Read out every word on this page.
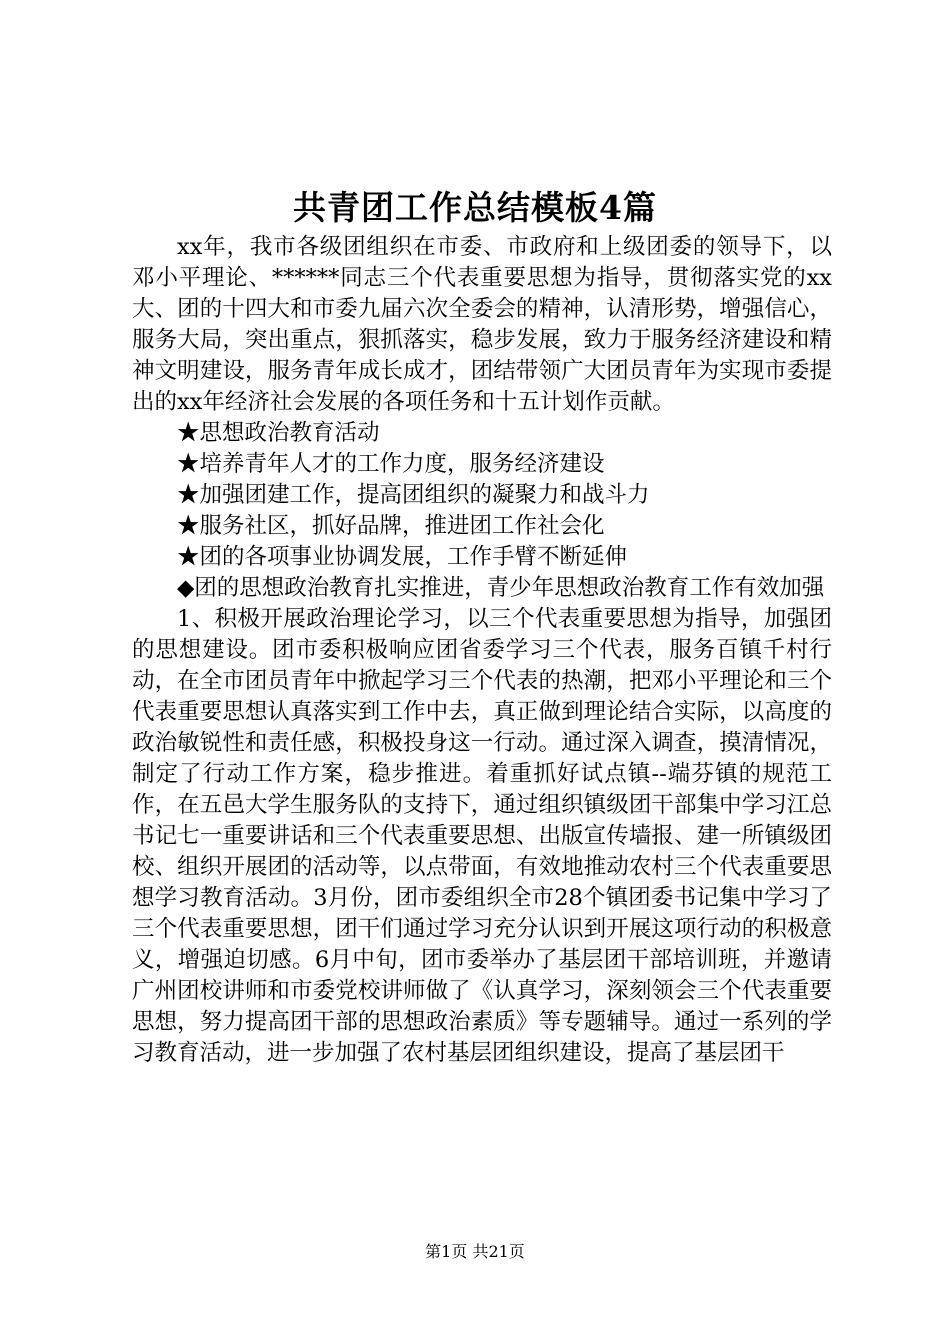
共青团工作总结模板4篇

xx年，我市各级团组织在市委、市政府和上级团委的领导下，以邓小平理论、******同志三个代表重要思想为指导，贯彻落实党的xx大、团的十四大和市委九届六次全委会的精神，认清形势，增强信心，服务大局，突出重点，狠抓落实，稳步发展，致力于服务经济建设和精神文明建设，服务青年成长成才，团结带领广大团员青年为实现市委提出的xx年经济社会发展的各项任务和十五计划作贡献。

★思想政治教育活动

★培养青年人才的工作力度，服务经济建设

★加强团建工作，提高团组织的凝聚力和战斗力

★服务社区，抓好品牌，推进团工作社会化

★团的各项事业协调发展，工作手臂不断延伸

◆团的思想政治教育扎实推进，青少年思想政治教育工作有效加强

1、积极开展政治理论学习，以三个代表重要思想为指导，加强团的思想建设。团市委积极响应团省委学习三个代表，服务百镇千村行动，在全市团员青年中掀起学习三个代表的热潮，把邓小平理论和三个代表重要思想认真落实到工作中去，真正做到理论结合实际，以高度的政治敏锐性和责任感，积极投身这一行动。通过深入调查，摸清情况，制定了行动工作方案，稳步推进。着重抓好试点镇--端芬镇的规范工作，在五邑大学生服务队的支持下，通过组织镇级团干部集中学习江总书记七一重要讲话和三个代表重要思想、出版宣传墙报、建一所镇级团校、组织开展团的活动等，以点带面，有效地推动农村三个代表重要思想学习教育活动。3月份，团市委组织全市28个镇团委书记集中学习了三个代表重要思想，团干们通过学习充分认识到开展这项行动的积极意义，增强迫切感。6月中旬，团市委举办了基层团干部培训班，并邀请广州团校讲师和市委党校讲师做了《认真学习，深刻领会三个代表重要思想，努力提高团干部的思想政治素质》等专题辅导。通过一系列的学习教育活动，进一步加强了农村基层团组织建设，提高了基层团干

第1页 共21页
